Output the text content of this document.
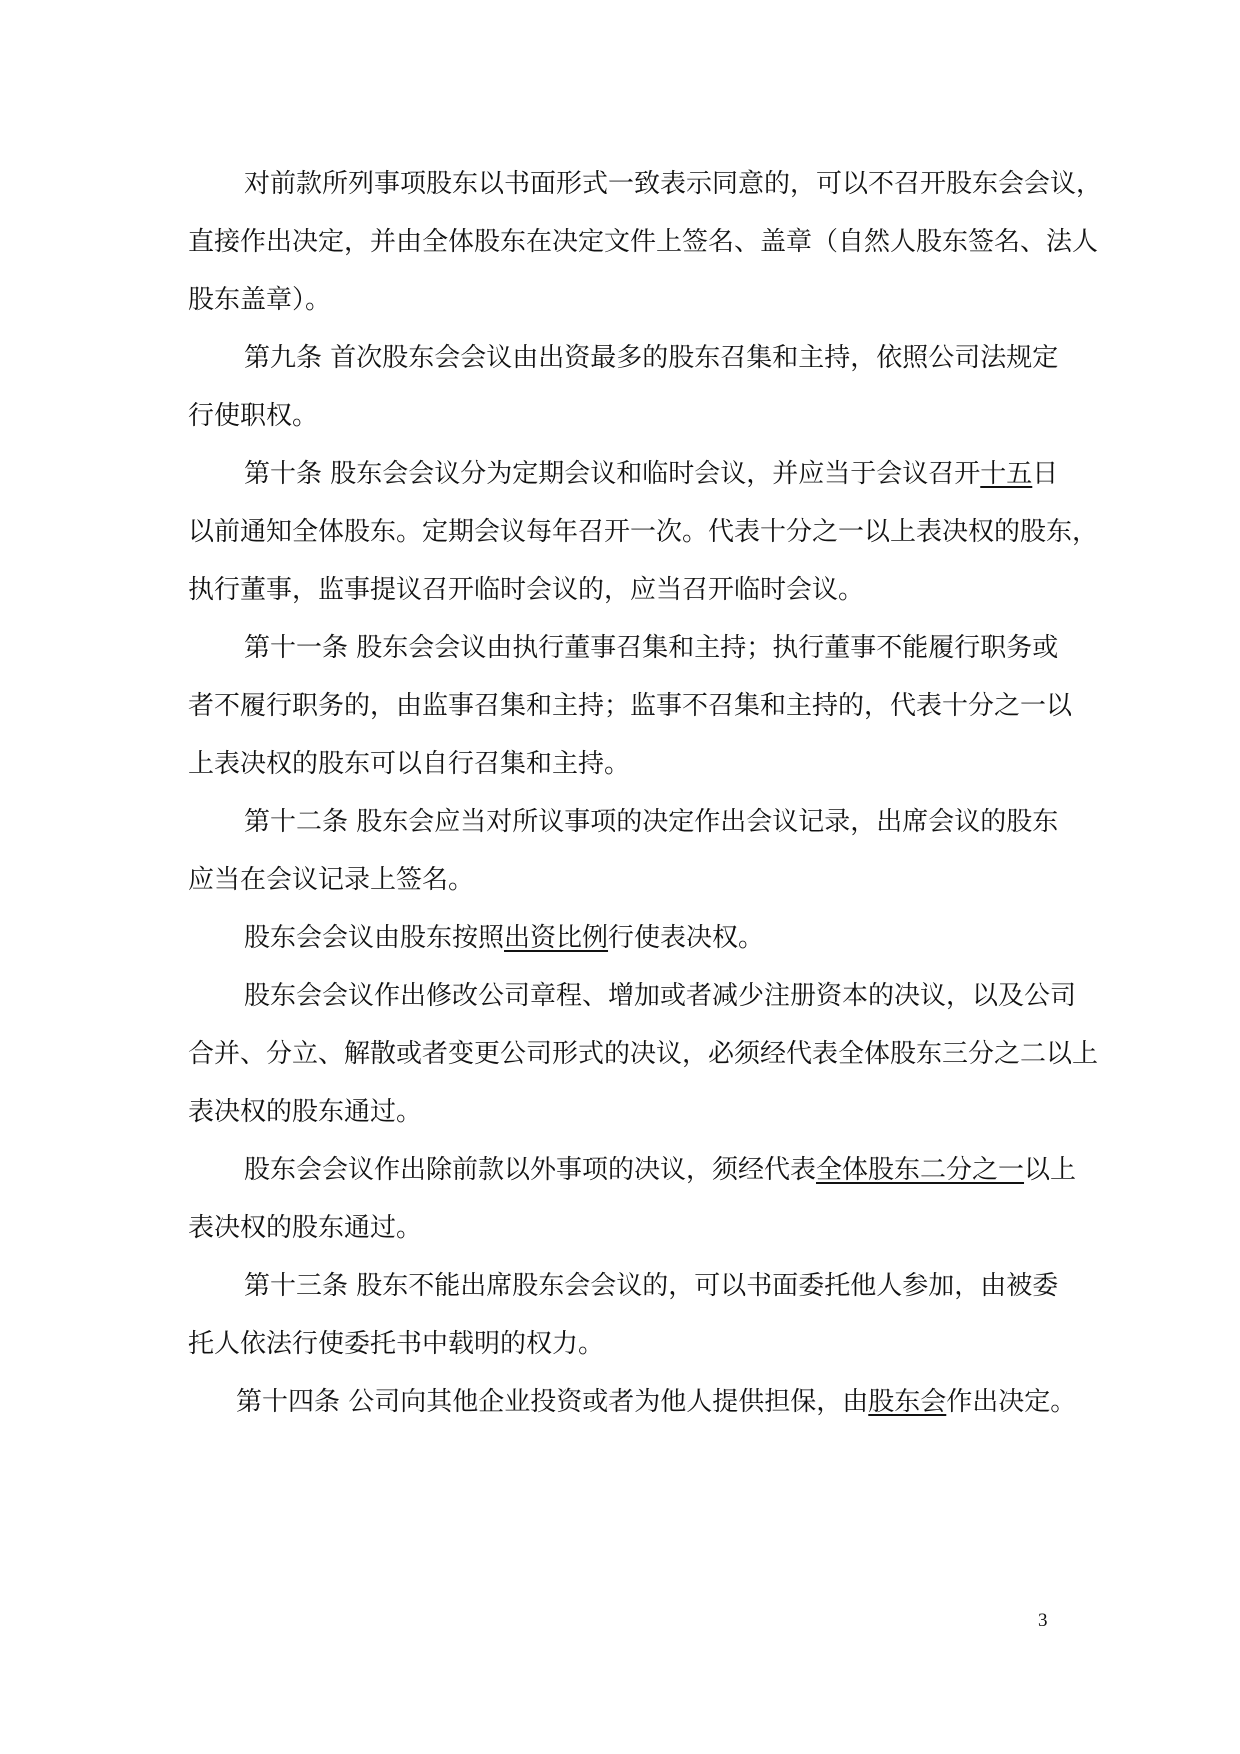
对前款所列事项股东以书面形式一致表示同意的，可以不召开股东会会议，
直接作出决定，并由全体股东在决定文件上签名、盖章（自然人股东签名、法人
股东盖章）。
第九条 首次股东会会议由出资最多的股东召集和主持，依照公司法规定
行使职权。
第十条 股东会会议分为定期会议和临时会议，并应当于会议召开十五日
以前通知全体股东。定期会议每年召开一次。代表十分之一以上表决权的股东，
执行董事，监事提议召开临时会议的，应当召开临时会议。
第十一条 股东会会议由执行董事召集和主持；执行董事不能履行职务或
者不履行职务的，由监事召集和主持；监事不召集和主持的，代表十分之一以
上表决权的股东可以自行召集和主持。
第十二条 股东会应当对所议事项的决定作出会议记录，出席会议的股东
应当在会议记录上签名。
股东会会议由股东按照出资比例行使表决权。
股东会会议作出修改公司章程、增加或者减少注册资本的决议，以及公司
合并、分立、解散或者变更公司形式的决议，必须经代表全体股东三分之二以上
表决权的股东通过。
股东会会议作出除前款以外事项的决议，须经代表全体股东二分之一以上
表决权的股东通过。
第十三条 股东不能出席股东会会议的，可以书面委托他人参加，由被委
托人依法行使委托书中载明的权力。
第十四条 公司向其他企业投资或者为他人提供担保，由股东会作出决定。
3
